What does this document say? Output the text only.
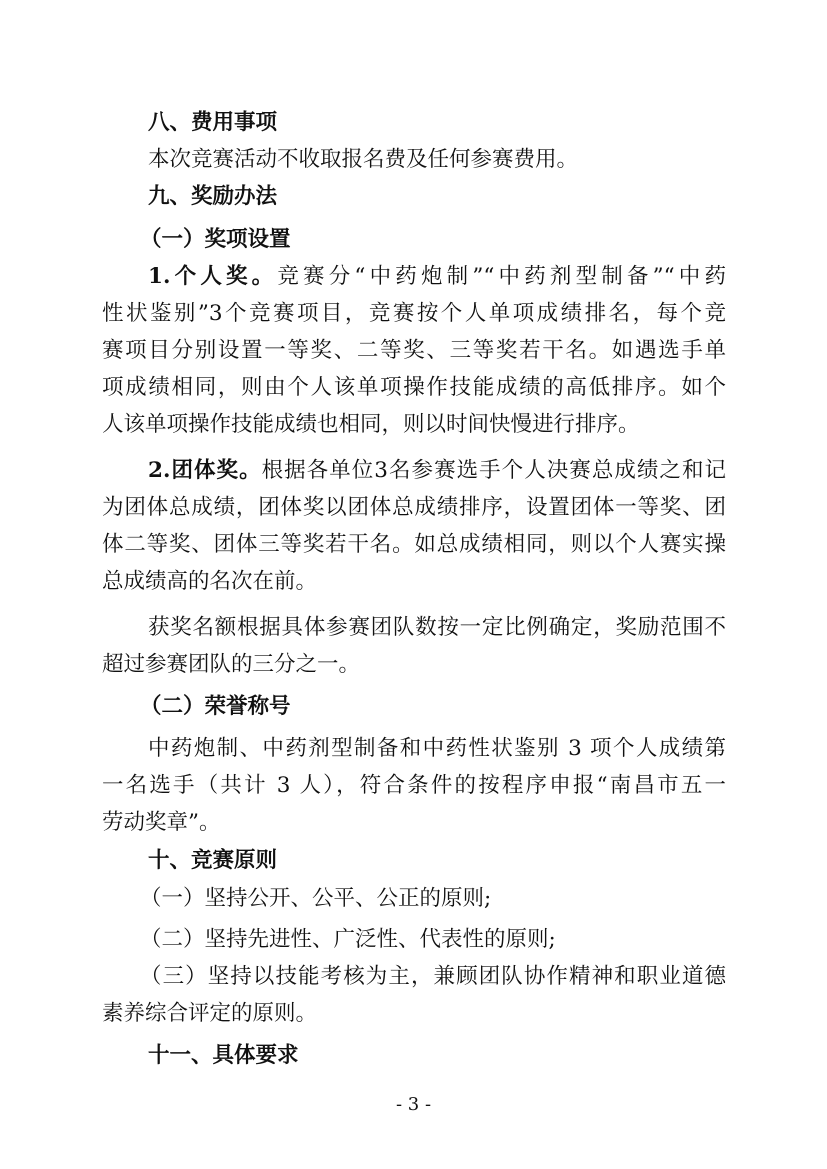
八、费用事项
本次竞赛活动不收取报名费及任何参赛费用。
九、奖励办法
（一）奖项设置
1.个人奖。竞赛分“中药炮制”“中药剂型制备”“中药
性状鉴别”3个竞赛项目，竞赛按个人单项成绩排名，每个竞
赛项目分别设置一等奖、二等奖、三等奖若干名。如遇选手单
项成绩相同，则由个人该单项操作技能成绩的高低排序。如个
人该单项操作技能成绩也相同，则以时间快慢进行排序。
2.团体奖。根据各单位3名参赛选手个人决赛总成绩之和记
为团体总成绩，团体奖以团体总成绩排序，设置团体一等奖、团
体二等奖、团体三等奖若干名。如总成绩相同，则以个人赛实操
总成绩高的名次在前。
获奖名额根据具体参赛团队数按一定比例确定，奖励范围不
超过参赛团队的三分之一。
（二）荣誉称号
中药炮制、中药剂型制备和中药性状鉴别 3 项个人成绩第
一名选手（共计 3 人），符合条件的按程序申报“南昌市五一
劳动奖章”。
十、竞赛原则
（一）坚持公开、公平、公正的原则;
（二）坚持先进性、广泛性、代表性的原则;
（三）坚持以技能考核为主，兼顾团队协作精神和职业道德
素养综合评定的原则。
十一、具体要求
- 3 -
